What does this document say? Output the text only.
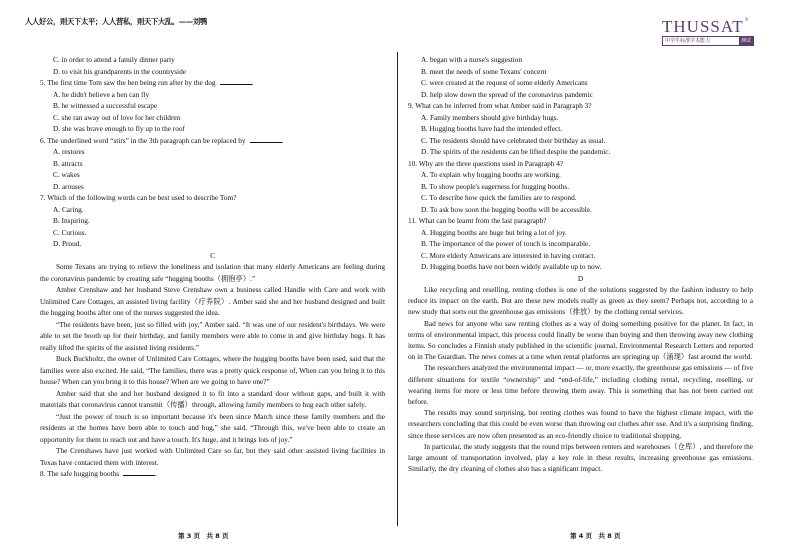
人人好公，则天下太平；人人营私，则天下大乱。——刘鹗	THUSSAT ®
中学生标准学术能力	测试
C. in order to attend a family dinner party
D. to visit his grandparents in the countryside
5. The first time Tom saw the hen being run after by the dog	.
A. he didn't believe a hen can fly
B. he witnessed a successful escape
C. she ran away out of love for her children
D. she was brave enough to fly up to the roof
6. The underlined word “stirs” in the 3th paragraph can be replaced by	.
A. restores
B. attracts
C. wakes
D. arouses
7. Which of the following words can be best used to describe Tom?
A. Caring.
B. Inspiring.
C. Curious.
D. Proud.
C

Some Texans are trying to relieve the loneliness and isolation that many elderly Americans are feeling during the coronavirus pandemic by creating safe “hugging booths（拥抱亭）.”

Amber Crenshaw and her husband Steve Crenshaw own a business called Handle with Care and work with Unlimited Care Cottages, an assisted living facility（疗养院）. Amber said she and her husband designed and built the hugging booths after one of the nurses suggested the idea.

“The residents have been, just so filled with joy,” Amber said. “It was one of our resident's birthdays. We were able to set the booth up for their birthday, and family members were able to come in and give birthday hugs. It has really lifted the spirits of the assisted living residents.”

Buck Buckholtz, the owner of Unlimited Care Cottages, where the hugging booths have been used, said that the families were also excited. He said, “The families, there was a pretty quick response of, When can you bring it to this house? When can you bring it to this house? When are we going to have one?”

Amber said that she and her husband designed it to fit into a standard door without gaps, and built it with materials that coronavirus cannot transmit（传播）through, allowing family members to hug each other safely.

“Just the power of touch is so important because it's been since March since these family members and the residents at the homes have been able to touch and hug,” she said. “Through this, we've been able to create an opportunity for them to reach out and have a touch. It's huge, and it brings lots of joy.”

The Crenshaws have just worked with Unlimited Care so far, but they said other assisted living facilities in Texas have contacted them with interest.

8. The safe hugging booths	.
第 3 页　共 8 页
A. began with a nurse's suggestion
B. meet the needs of some Texans' concern
C. were created at the request of some elderly Americans
D. help slow down the spread of the coronavirus pandemic
9. What can be inferred from what Amber said in Paragraph 3?
A. Family members should give birthday hugs.
B. Hugging booths have had the intended effect.
C. The residents should have celebrated their birthday as usual.
D. The spirits of the residents can be lifted despite the pandemic.
10. Why are the three questions used in Paragraph 4?
A. To explain why hugging booths are working.
B. To show people's eagerness for hugging booths.
C. To describe how quick the families are to respond.
D. To ask how soon the hugging booths will be accessible.
11. What can be learnt from the last paragraph?
A. Hugging booths are huge but bring a lot of joy.
B. The importance of the power of touch is incomparable.
C. More elderly Americans are interested in having contact.
D. Hugging booths have not been widely available up to now.
D

Like recycling and reselling, renting clothes is one of the solutions suggested by the fashion industry to help reduce its impact on the earth. But are these new models really as green as they seem? Perhaps not, according to a new study that sorts out the greenhouse gas emissions（排放）by the clothing rental services.

Bad news for anyone who saw renting clothes as a way of doing something positive for the planet. In fact, in terms of environmental impact, this process could finally be worse than buying and then throwing away new clothing items. So concludes a Finnish study published in the scientific journal, Environmental Research Letters and reported on in The Guardian. The news comes at a time when rental platforms are springing up（涌现）fast around the world.

The researchers analyzed the environmental impact — or, more exactly, the greenhouse gas emissions — of five different situations for textile “ownership” and “end-of-life,” including clothing rental, recycling, reselling, or wearing items for more or less time before throwing them away. This is something that has not been carried out before.

The results may sound surprising, but renting clothes was found to have the highest climate impact, with the researchers concluding that this could be even worse than throwing out clothes after use. And it's a surprising finding, since these services are now often presented as an eco-friendly choice to traditional shopping.

In particular, the study suggests that the round trips between renters and warehouses（仓库）, and therefore the large amount of transportation involved, play a key role in these results, increasing greenhouse gas emissions. Similarly, the dry cleaning of clothes also has a significant impact.

第 4 页　共 8 页
